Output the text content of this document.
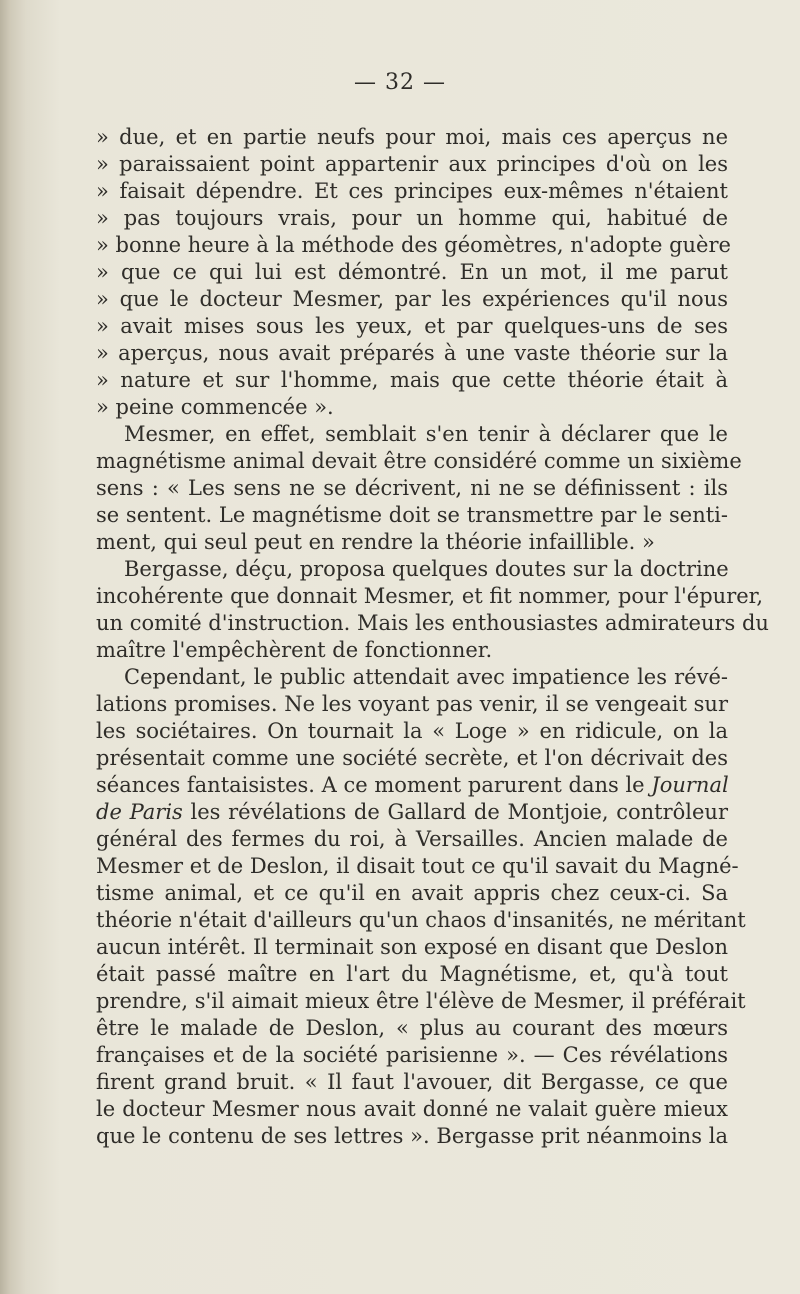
— 32 —
» due, et en partie neufs pour moi, mais ces aperçus ne
» paraissaient point appartenir aux principes d'où on les
» faisait dépendre. Et ces principes eux-mêmes n'étaient
» pas toujours vrais, pour un homme qui, habitué de
» bonne heure à la méthode des géomètres, n'adopte guère
» que ce qui lui est démontré. En un mot, il me parut
» que le docteur Mesmer, par les expériences qu'il nous
» avait mises sous les yeux, et par quelques-uns de ses
» aperçus, nous avait préparés à une vaste théorie sur la
» nature et sur l'homme, mais que cette théorie était à
» peine commencée ».
Mesmer, en effet, semblait s'en tenir à déclarer que le
magnétisme animal devait être considéré comme un sixième
sens : « Les sens ne se décrivent, ni ne se définissent : ils
se sentent. Le magnétisme doit se transmettre par le senti-
ment, qui seul peut en rendre la théorie infaillible. »
Bergasse, déçu, proposa quelques doutes sur la doctrine
incohérente que donnait Mesmer, et fit nommer, pour l'épurer,
un comité d'instruction. Mais les enthousiastes admirateurs du
maître l'empêchèrent de fonctionner.
Cependant, le public attendait avec impatience les révé-
lations promises. Ne les voyant pas venir, il se vengeait sur
les sociétaires. On tournait la « Loge » en ridicule, on la
présentait comme une société secrète, et l'on décrivait des
séances fantaisistes. A ce moment parurent dans le Journal
de Paris les révélations de Gallard de Montjoie, contrôleur
général des fermes du roi, à Versailles. Ancien malade de
Mesmer et de Deslon, il disait tout ce qu'il savait du Magné-
tisme animal, et ce qu'il en avait appris chez ceux-ci. Sa
théorie n'était d'ailleurs qu'un chaos d'insanités, ne méritant
aucun intérêt. Il terminait son exposé en disant que Deslon
était passé maître en l'art du Magnétisme, et, qu'à tout
prendre, s'il aimait mieux être l'élève de Mesmer, il préférait
être le malade de Deslon, « plus au courant des mœurs
françaises et de la société parisienne ». — Ces révélations
firent grand bruit. « Il faut l'avouer, dit Bergasse, ce que
le docteur Mesmer nous avait donné ne valait guère mieux
que le contenu de ses lettres ». Bergasse prit néanmoins la
